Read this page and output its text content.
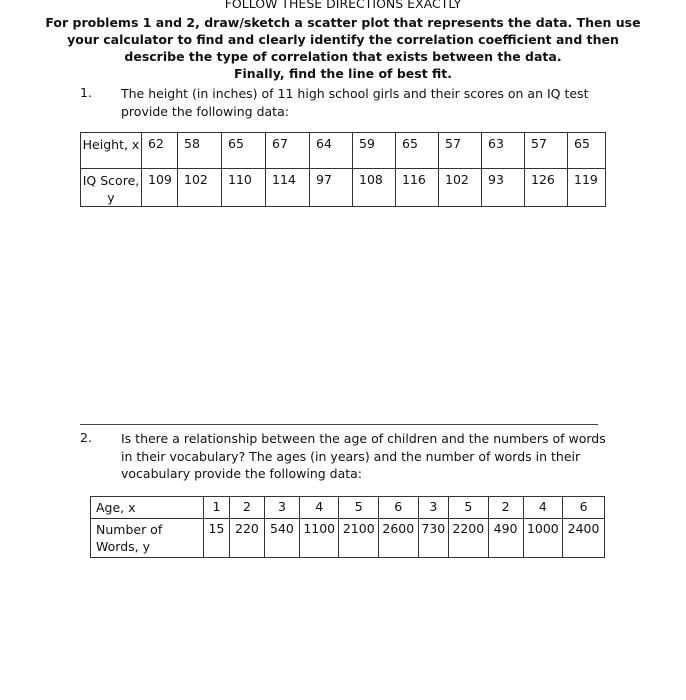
FOLLOW THESE DIRECTIONS EXACTLY
For problems 1 and 2, draw/sketch a scatter plot that represents the data. Then use
your calculator to find and clearly identify the correlation coefficient and then
describe the type of correlation that exists between the data.
Finally, find the line of best fit.
1. The height (in inches) of 11 high school girls and their scores on an IQ test provide the following data:
Height, x	62	58	65	67	64	59	65	57	63	57	65
IQ Score, y	109	102	110	114	97	108	116	102	93	126	119
2. Is there a relationship between the age of children and the numbers of words in their vocabulary? The ages (in years) and the number of words in their vocabulary provide the following data:
Age, x	1	2	3	4	5	6	3	5	2	4	6
Number of Words, y	15	220	540	1100	2100	2600	730	2200	490	1000	2400
